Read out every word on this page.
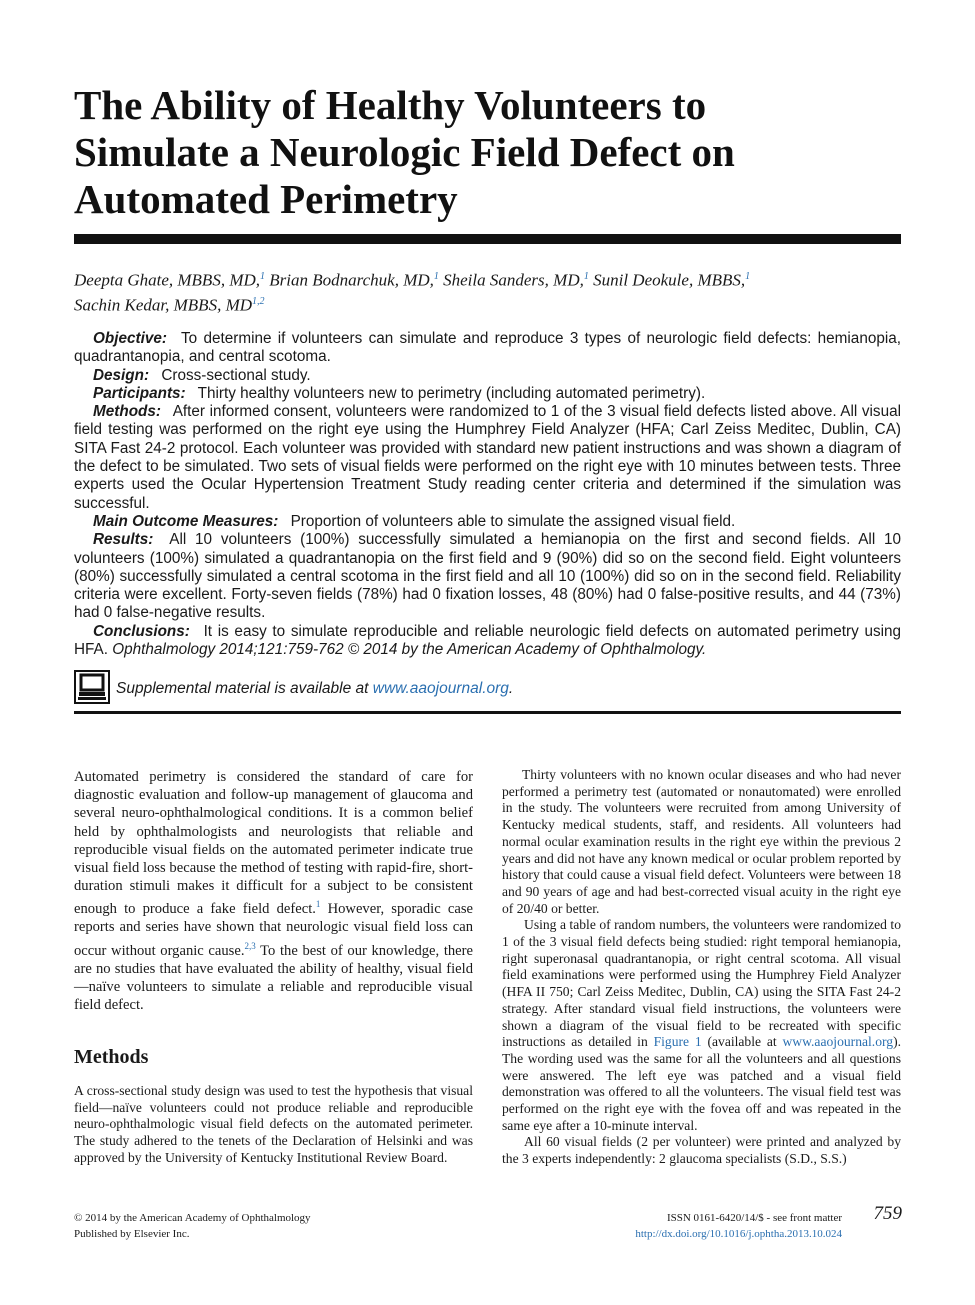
The Ability of Healthy Volunteers to
Simulate a Neurologic Field Defect on
Automated Perimetry
Deepta Ghate, MBBS, MD,$^1$ Brian Bodnarchuk, MD,$^1$ Sheila Sanders, MD,$^1$ Sunil Deokule, MBBS,$^1$
Sachin Kedar, MBBS, MD$^{1,2}$

Objective: To determine if volunteers can simulate and reproduce 3 types of neurologic field defects: hemianopia, quadrantanopia, and central scotoma.

Design: Cross-sectional study.

Participants: Thirty healthy volunteers new to perimetry (including automated perimetry).

Methods: After informed consent, volunteers were randomized to 1 of the 3 visual field defects listed above. All visual field testing was performed on the right eye using the Humphrey Field Analyzer (HFA; Carl Zeiss Meditec, Dublin, CA) SITA Fast 24-2 protocol. Each volunteer was provided with standard new patient instructions and was shown a diagram of the defect to be simulated. Two sets of visual fields were performed on the right eye with 10 minutes between tests. Three experts used the Ocular Hypertension Treatment Study reading center criteria and determined if the simulation was successful.

Main Outcome Measures: Proportion of volunteers able to simulate the assigned visual field.

Results: All 10 volunteers (100%) successfully simulated a hemianopia on the first and second fields. All 10 volunteers (100%) simulated a quadrantanopia on the first field and 9 (90%) did so on the second field. Eight volunteers (80%) successfully simulated a central scotoma in the first field and all 10 (100%) did so on in the second field. Reliability criteria were excellent. Forty-seven fields (78%) had 0 fixation losses, 48 (80%) had 0 false-positive results, and 44 (73%) had 0 false-negative results.

Conclusions: It is easy to simulate reproducible and reliable neurologic field defects on automated perimetry using HFA. Ophthalmology 2014;121:759-762 © 2014 by the American Academy of Ophthalmology.

Supplemental material is available at www.aaojournal.org.

Automated perimetry is considered the standard of care for diagnostic evaluation and follow-up management of glaucoma and several neuro-ophthalmological conditions. It is a common belief held by ophthalmologists and neurologists that reliable and reproducible visual fields on the automated perimeter indicate true visual field loss because the method of testing with rapid-fire, short-duration stimuli makes it difficult for a subject to be consistent enough to produce a fake field defect.$^1$ However, sporadic case reports and series have shown that neurologic visual field loss can occur without organic cause.$^{2,3}$ To the best of our knowledge, there are no studies that have evaluated the ability of healthy, visual field—naïve volunteers to simulate a reliable and reproducible visual field defect.

Methods

A cross-sectional study design was used to test the hypothesis that visual field—naïve volunteers could not produce reliable and reproducible neuro-ophthalmologic visual field defects on the automated perimeter. The study adhered to the tenets of the Declaration of Helsinki and was approved by the University of Kentucky Institutional Review Board.

Thirty volunteers with no known ocular diseases and who had never performed a perimetry test (automated or nonautomated) were enrolled in the study. The volunteers were recruited from among University of Kentucky medical students, staff, and residents. All volunteers had normal ocular examination results in the right eye within the previous 2 years and did not have any known medical or ocular problem reported by history that could cause a visual field defect. Volunteers were between 18 and 90 years of age and had best-corrected visual acuity in the right eye of 20/40 or better.

Using a table of random numbers, the volunteers were randomized to 1 of the 3 visual field defects being studied: right temporal hemianopia, right superonasal quadrantanopia, or right central scotoma. All visual field examinations were performed using the Humphrey Field Analyzer (HFA II 750; Carl Zeiss Meditec, Dublin, CA) using the SITA Fast 24-2 strategy. After standard visual field instructions, the volunteers were shown a diagram of the visual field to be recreated with specific instructions as detailed in Figure 1 (available at www.aaojournal.org). The wording used was the same for all the volunteers and all questions were answered. The left eye was patched and a visual field demonstration was offered to all the volunteers. The visual field test was performed on the right eye with the fovea off and was repeated in the same eye after a 10-minute interval.

All 60 visual fields (2 per volunteer) were printed and analyzed by the 3 experts independently: 2 glaucoma specialists (S.D., S.S.)

© 2014 by the American Academy of Ophthalmology
Published by Elsevier Inc.
ISSN 0161-6420/14/$ - see front matter
http://dx.doi.org/10.1016/j.ophtha.2013.10.024
759
